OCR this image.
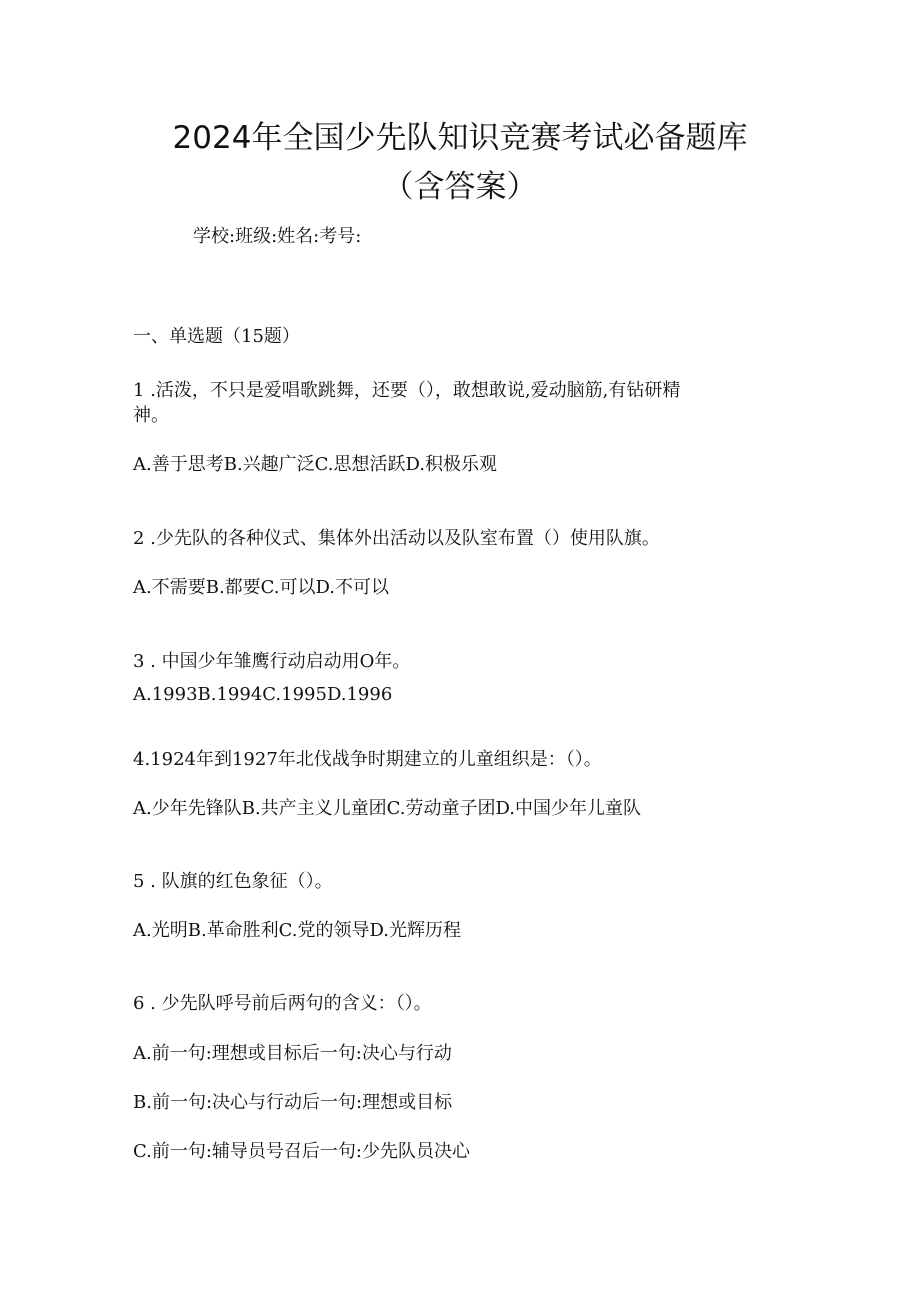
2024年全国少先队知识竞赛考试必备题库
（含答案）
学校:班级:姓名:考号:
一、单选题（15题）
1 .活泼，不只是爱唱歌跳舞，还要（），敢想敢说,爱动脑筋,有钻研精
神。
A.善于思考B.兴趣广泛C.思想活跃D.积极乐观
2 .少先队的各种仪式、集体外出活动以及队室布置（）使用队旗。
A.不需要B.都要C.可以D.不可以
3 . 中国少年雏鹰行动启动用O年。
A.1993B.1994C.1995D.1996
4.1924年到1927年北伐战争时期建立的儿童组织是：（）。
A.少年先锋队B.共产主义儿童团C.劳动童子团D.中国少年儿童队
5 . 队旗的红色象征（）。
A.光明B.革命胜利C.党的领导D.光辉历程
6 . 少先队呼号前后两句的含义：（）。
A.前一句:理想或目标后一句:决心与行动
B.前一句:决心与行动后一句:理想或目标
C.前一句:辅导员号召后一句:少先队员决心
